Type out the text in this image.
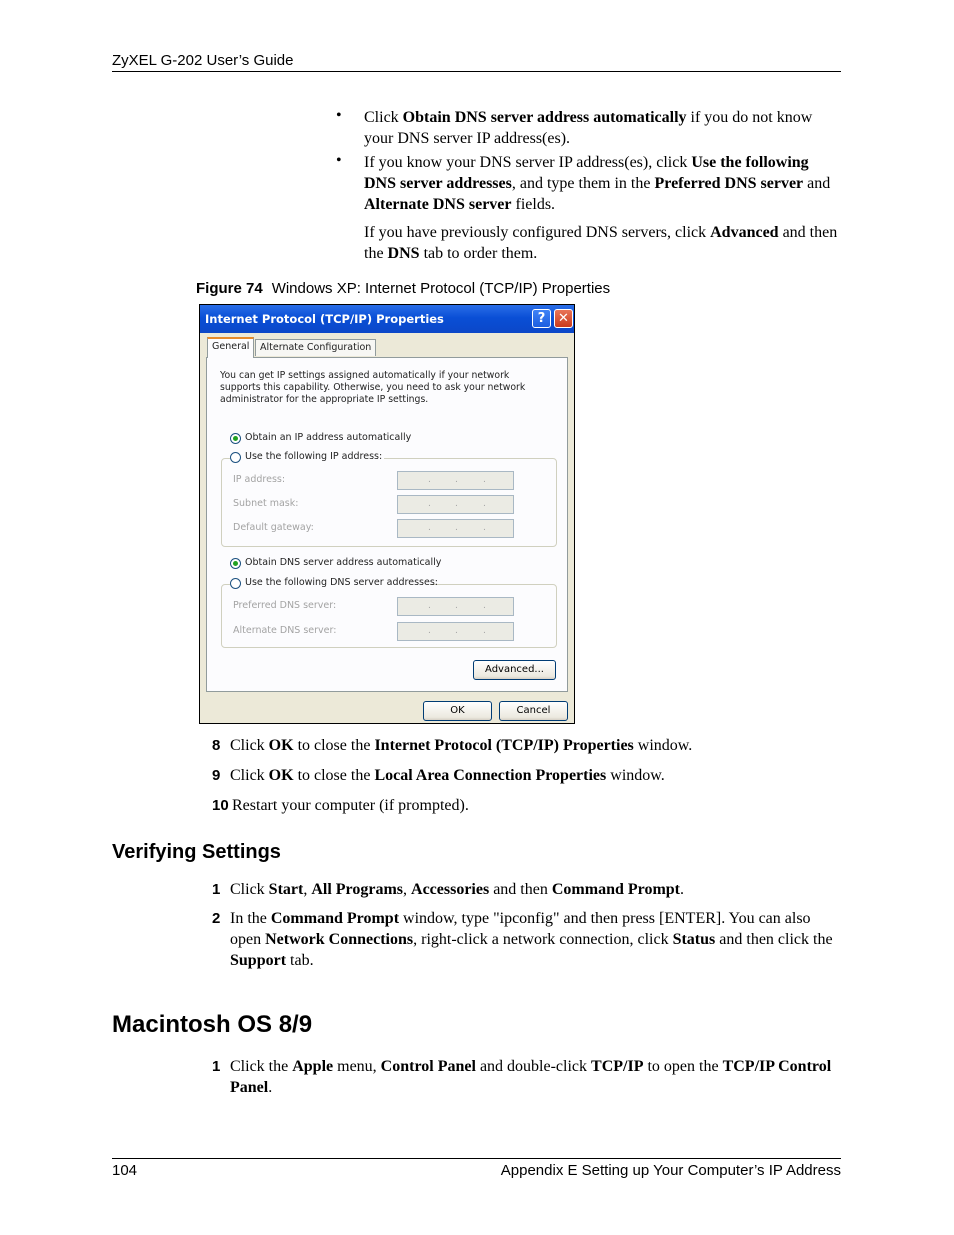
ZyXEL G-202 User’s Guide
• Click Obtain DNS server address automatically if you do not know your DNS server IP address(es).
• If you know your DNS server IP address(es), click Use the following DNS server addresses, and type them in the Preferred DNS server and Alternate DNS server fields.
If you have previously configured DNS servers, click Advanced and then the DNS tab to order them.
Figure 74 Windows XP: Internet Protocol (TCP/IP) Properties
Internet Protocol (TCP/IP) Properties	? ✕
General	Alternate Configuration
You can get IP settings assigned automatically if your network supports this capability. Otherwise, you need to ask your network administrator for the appropriate IP settings.
Obtain an IP address automatically
Use the following IP address:
IP address:	.	.	.
Subnet mask:	.	.	.
Default gateway:	.	.	.
Obtain DNS server address automatically
Use the following DNS server addresses:
Preferred DNS server:	.	.	.
Alternate DNS server:	.	.	.
Advanced...
OK	Cancel
8 Click OK to close the Internet Protocol (TCP/IP) Properties window.
9 Click OK to close the Local Area Connection Properties window.
10 Restart your computer (if prompted).
Verifying Settings
1 Click Start, All Programs, Accessories and then Command Prompt.
2 In the Command Prompt window, type "ipconfig" and then press [ENTER]. You can also open Network Connections, right-click a network connection, click Status and then click the Support tab.
Macintosh OS 8/9
1 Click the Apple menu, Control Panel and double-click TCP/IP to open the TCP/IP Control Panel.
104	Appendix E Setting up Your Computer’s IP Address
